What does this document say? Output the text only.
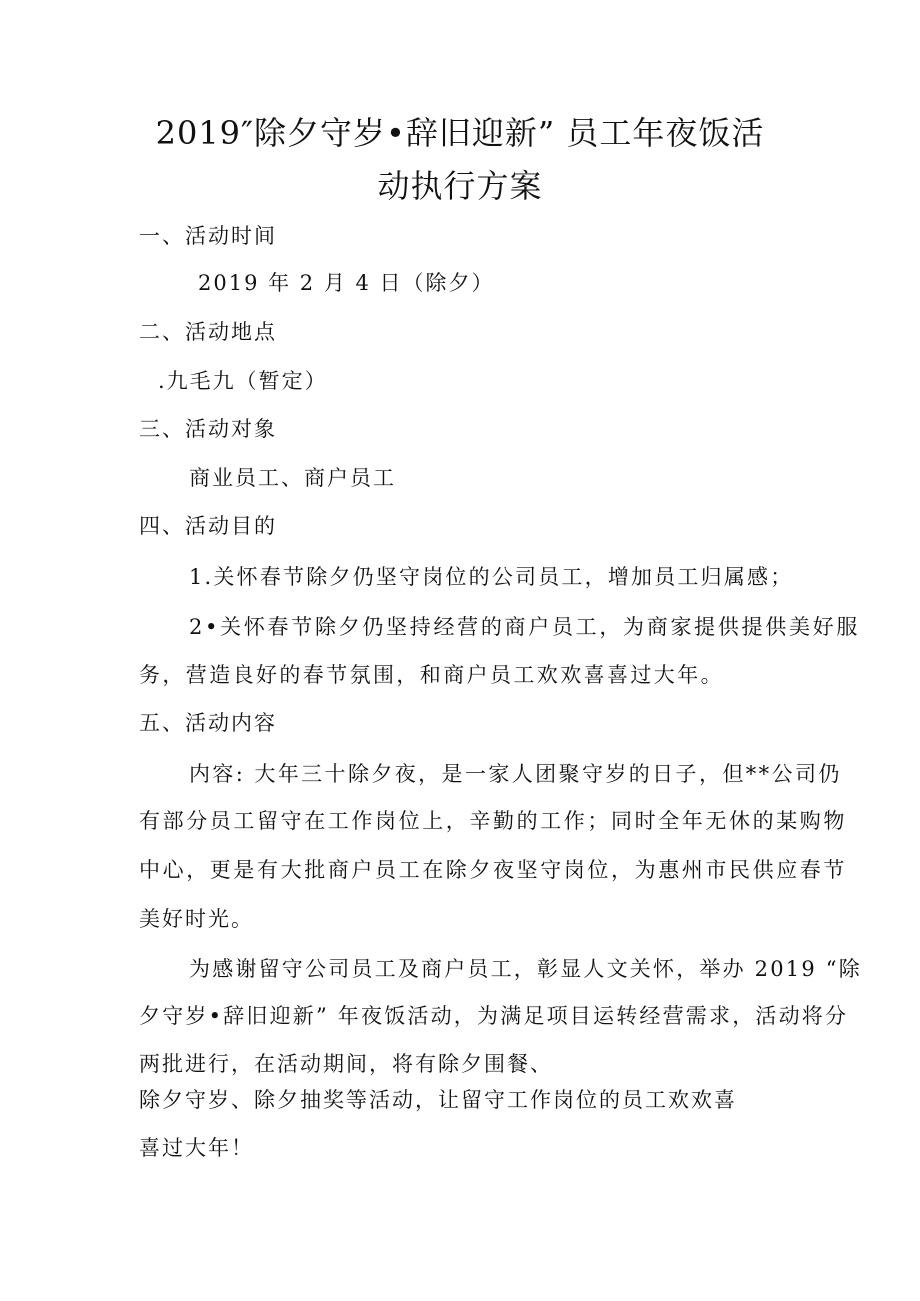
2019″除夕守岁•辞旧迎新” 员工年夜饭活
动执行方案
一、活动时间
2019 年 2 月 4 日（除夕）
二、活动地点
.九毛九（暂定）
三、活动对象
商业员工、商户员工
四、活动目的
1.关怀春节除夕仍坚守岗位的公司员工，增加员工归属感；
2•关怀春节除夕仍坚持经营的商户员工，为商家提供提供美好服
务，营造良好的春节氛围，和商户员工欢欢喜喜过大年。
五、活动内容
内容: 大年三十除夕夜，是一家人团聚守岁的日子，但**公司仍
有部分员工留守在工作岗位上，辛勤的工作；同时全年无休的某购物
中心，更是有大批商户员工在除夕夜坚守岗位，为惠州市民供应春节
美好时光。
为感谢留守公司员工及商户员工，彰显人文关怀，举办 2019 “除
夕守岁•辞旧迎新” 年夜饭活动，为满足项目运转经营需求，活动将分
两批进行，在活动期间，将有除夕围餐、
除夕守岁、除夕抽奖等活动，让留守工作岗位的员工欢欢喜
喜过大年！
